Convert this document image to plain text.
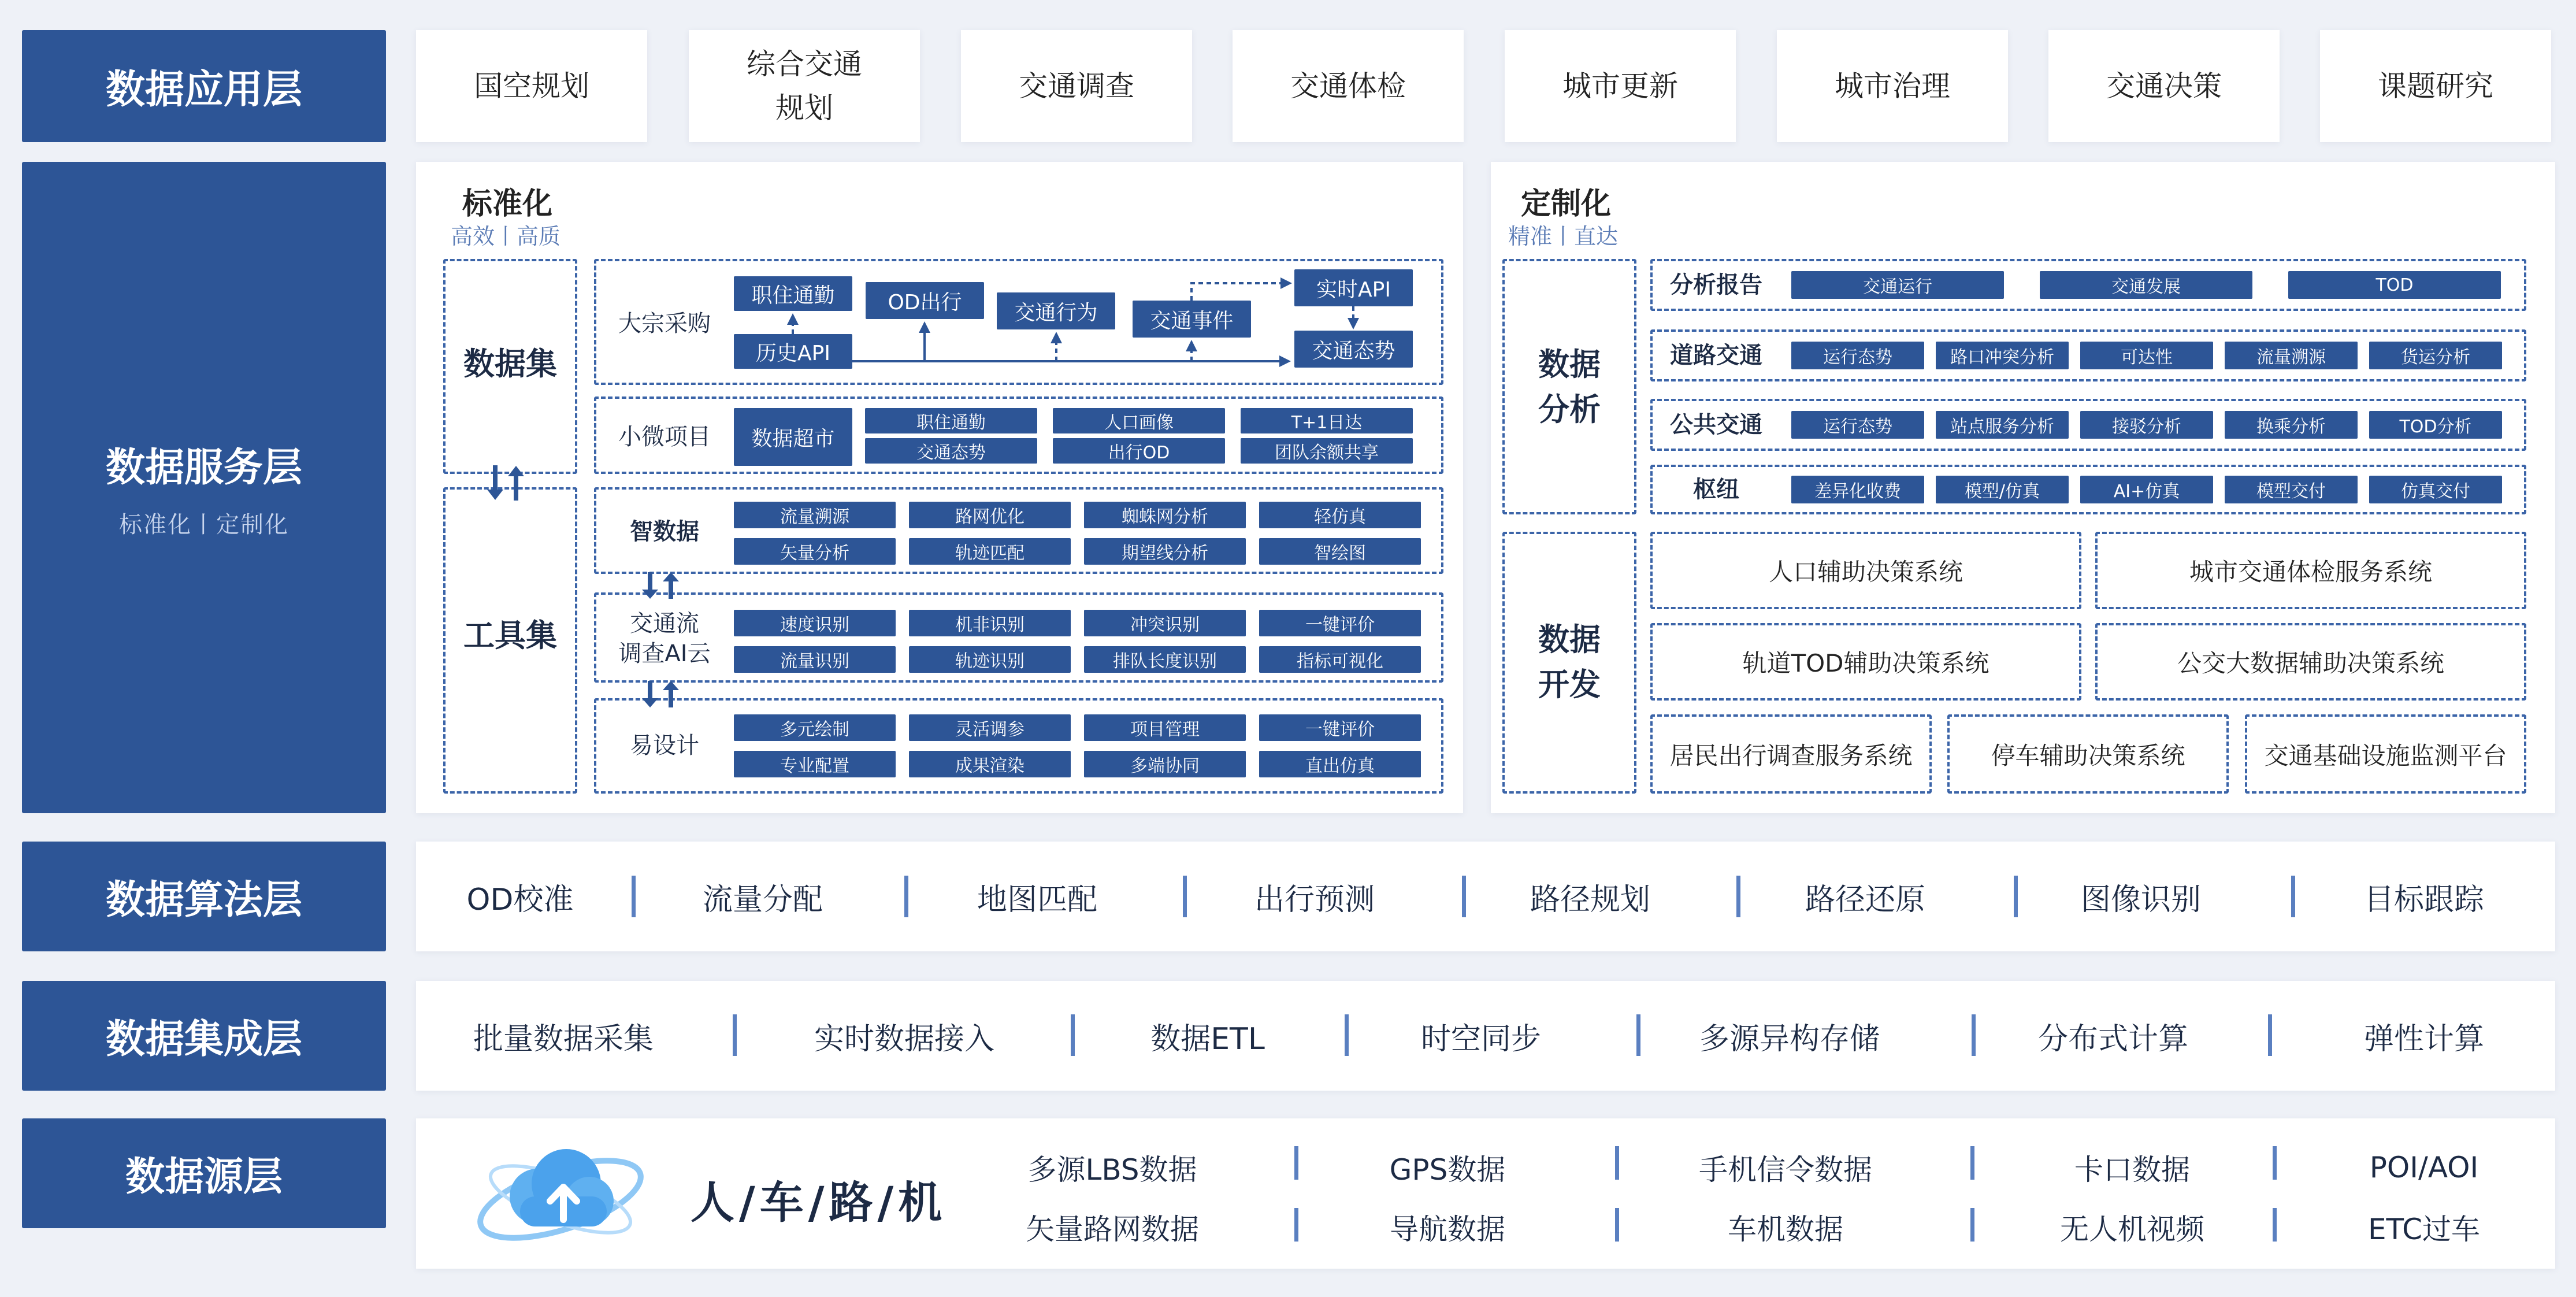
数据应用层
数据服务层
标准化丨定制化
数据算法层
数据集成层
数据源层
国空规划
综合交通
规划
交通调查	交通体检	城市更新	城市治理	交通决策	课题研究
标准化
高效丨高质
数据集
工具集
大宗采购
职住通勤
历史API
OD出行	交通行为	交通事件
实时API
交通态势
小微项目	数据超市
职住通勤	人口画像	T+1日达
交通态势	出行OD	团队余额共享
智数据
流量溯源	路网优化	蜘蛛网分析	轻仿真
矢量分析	轨迹匹配	期望线分析	智绘图
交通流
调查AI云
速度识别	机非识别	冲突识别	一键评价
流量识别	轨迹识别	排队长度识别	指标可视化
易设计
多元绘制	灵活调参	项目管理	一键评价
专业配置	成果渲染	多端协同	直出仿真
定制化
精准丨直达
数据
分析
数据
开发
分析报告	交通运行	交通发展	TOD
道路交通	运行态势	路口冲突分析	可达性	流量溯源	货运分析
公共交通	运行态势	站点服务分析	接驳分析	换乘分析	TOD分析
枢纽	差异化收费	模型/仿真	AI+仿真	模型交付	仿真交付
人口辅助决策系统	城市交通体检服务系统
轨道TOD辅助决策系统	公交大数据辅助决策系统
居民出行调查服务系统	停车辅助决策系统	交通基础设施监测平台
OD校准	流量分配	地图匹配	出行预测	路径规划	路径还原	图像识别	目标跟踪
批量数据采集	实时数据接入	数据ETL	时空同步	多源异构存储	分布式计算	弹性计算
人/车/路/机
多源LBS数据	GPS数据	手机信令数据	卡口数据	POI/AOI
矢量路网数据	导航数据	车机数据	无人机视频	ETC过车
